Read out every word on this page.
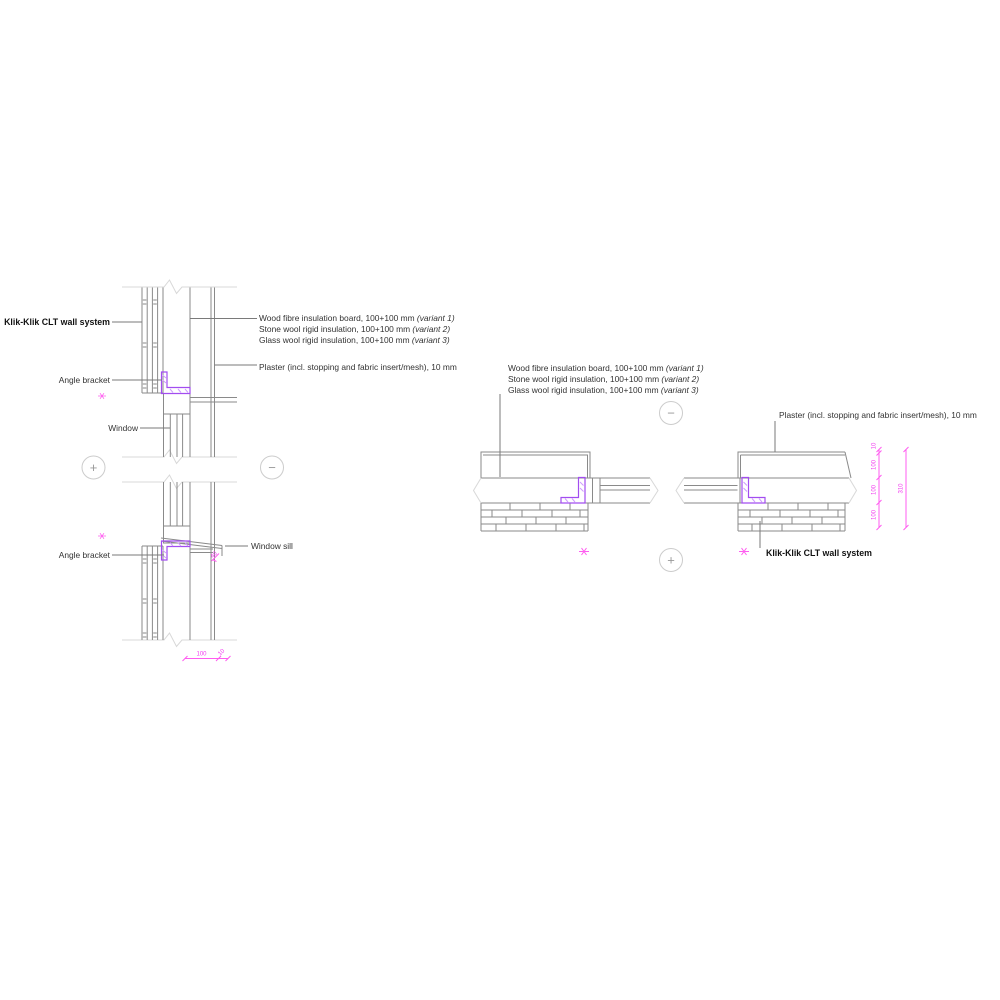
Klik-Klik CLT wall system
Angle bracket
Window
Angle bracket
Window sill
Wood fibre insulation board, 100+100 mm (variant 1)
Stone wool rigid insulation, 100+100 mm (variant 2)
Glass wool rigid insulation, 100+100 mm (variant 3)
Plaster (incl. stopping and fabric insert/mesh), 10 mm
40
100 10
+	−
Wood fibre insulation board, 100+100 mm (variant 1)
Stone wool rigid insulation, 100+100 mm (variant 2)
Glass wool rigid insulation, 100+100 mm (variant 3)
Plaster (incl. stopping and fabric insert/mesh), 10 mm
Klik-Klik CLT wall system
10
100
100
100
310
−
+
